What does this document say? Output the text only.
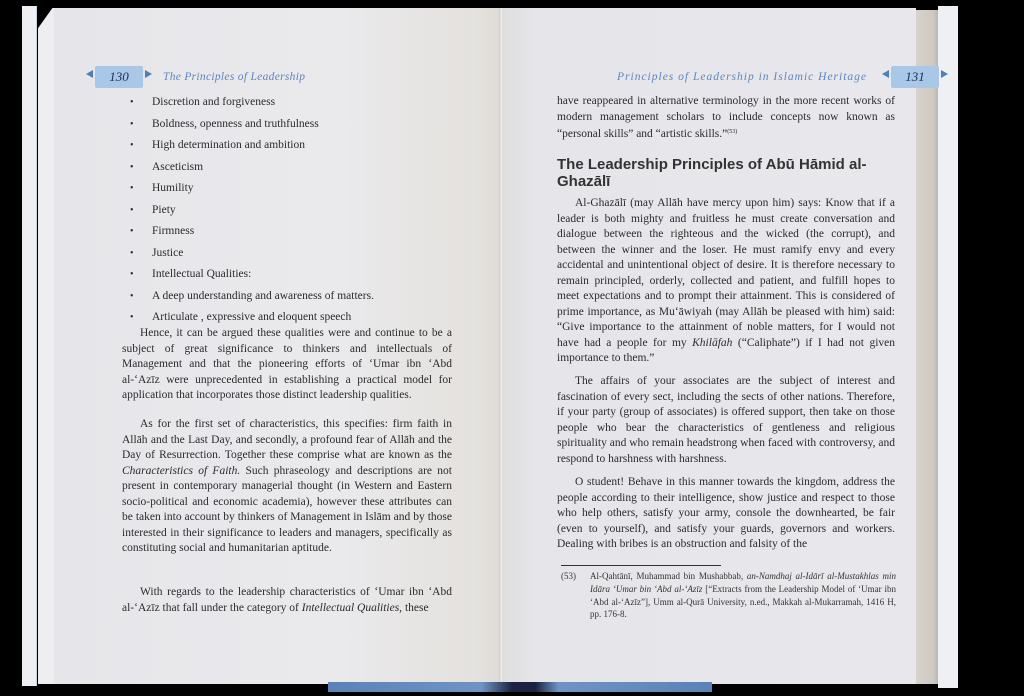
130	The Principles of Leadership	Principles of Leadership in Islamic Heritage	131
• Discretion and forgiveness
• Boldness, openness and truthfulness
• High determination and ambition
• Asceticism
• Humility
• Piety
• Firmness
• Justice
• Intellectual Qualities:
• A deep understanding and awareness of matters.
• Articulate , expressive and eloquent speech

Hence, it can be argued these qualities were and continue to be a subject of great significance to thinkers and intellectuals of Management and that the pioneering efforts of ‘Umar ibn ‘Abd al-‘Azīz were unprecedented in establishing a practical model for application that incorporates those distinct leadership qualities.

As for the first set of characteristics, this specifies: firm faith in Allāh and the Last Day, and secondly, a profound fear of Allāh and the Day of Resurrection. Together these comprise what are known as the Characteristics of Faith. Such phraseology and descriptions are not present in contemporary managerial thought (in Western and Eastern socio-political and economic academia), however these attributes can be taken into account by thinkers of Management in Islām and by those interested in their significance to leaders and managers, specifically as constituting social and humanitarian aptitude.

With regards to the leadership characteristics of ‘Umar ibn ‘Abd al-‘Azīz that fall under the category of Intellectual Qualities, these

have reappeared in alternative terminology in the more recent works of modern management scholars to include concepts now known as “personal skills” and “artistic skills.”$^{(53)}$

The Leadership Principles of Abū Hāmid al-Ghazālī

Al-Ghazālī (may Allāh have mercy upon him) says: Know that if a leader is both mighty and fruitless he must create conversation and dialogue between the righteous and the wicked (the corrupt), and between the winner and the loser. He must ramify envy and every accidental and unintentional object of desire. It is therefore necessary to remain principled, orderly, collected and patient, and fulfill hopes to meet expectations and to prompt their attainment. This is considered of prime importance, as Mu‘āwiyah (may Allāh be pleased with him) said: “Give importance to the attainment of noble matters, for I would not have had a people for my Khilāfah (“Caliphate”) if I had not given importance to them.”

The affairs of your associates are the subject of interest and fascination of every sect, including the sects of other nations. Therefore, if your party (group of associates) is offered support, then take on those people who bear the characteristics of gentleness and religious spirituality and who remain headstrong when faced with controversy, and respond to harshness with harshness.

O student! Behave in this manner towards the kingdom, address the people according to their intelligence, show justice and respect to those who help others, satisfy your army, console the downhearted, be fair (even to yourself), and satisfy your guards, governors and workers. Dealing with bribes is an obstruction and falsity of the

(53)	Al-Qahtānī, Muhammad bin Mushabbab, an-Namdhaj al-Idārī al-Mustakhlas min Idāra ‘Umar bin ‘Abd al-‘Azīz [“Extracts from the Leadership Model of ‘Umar ibn ‘Abd al-‘Azīz”], Umm al-Qurā University, n.ed., Makkah al-Mukarramah, 1416 H, pp. 176-8.
